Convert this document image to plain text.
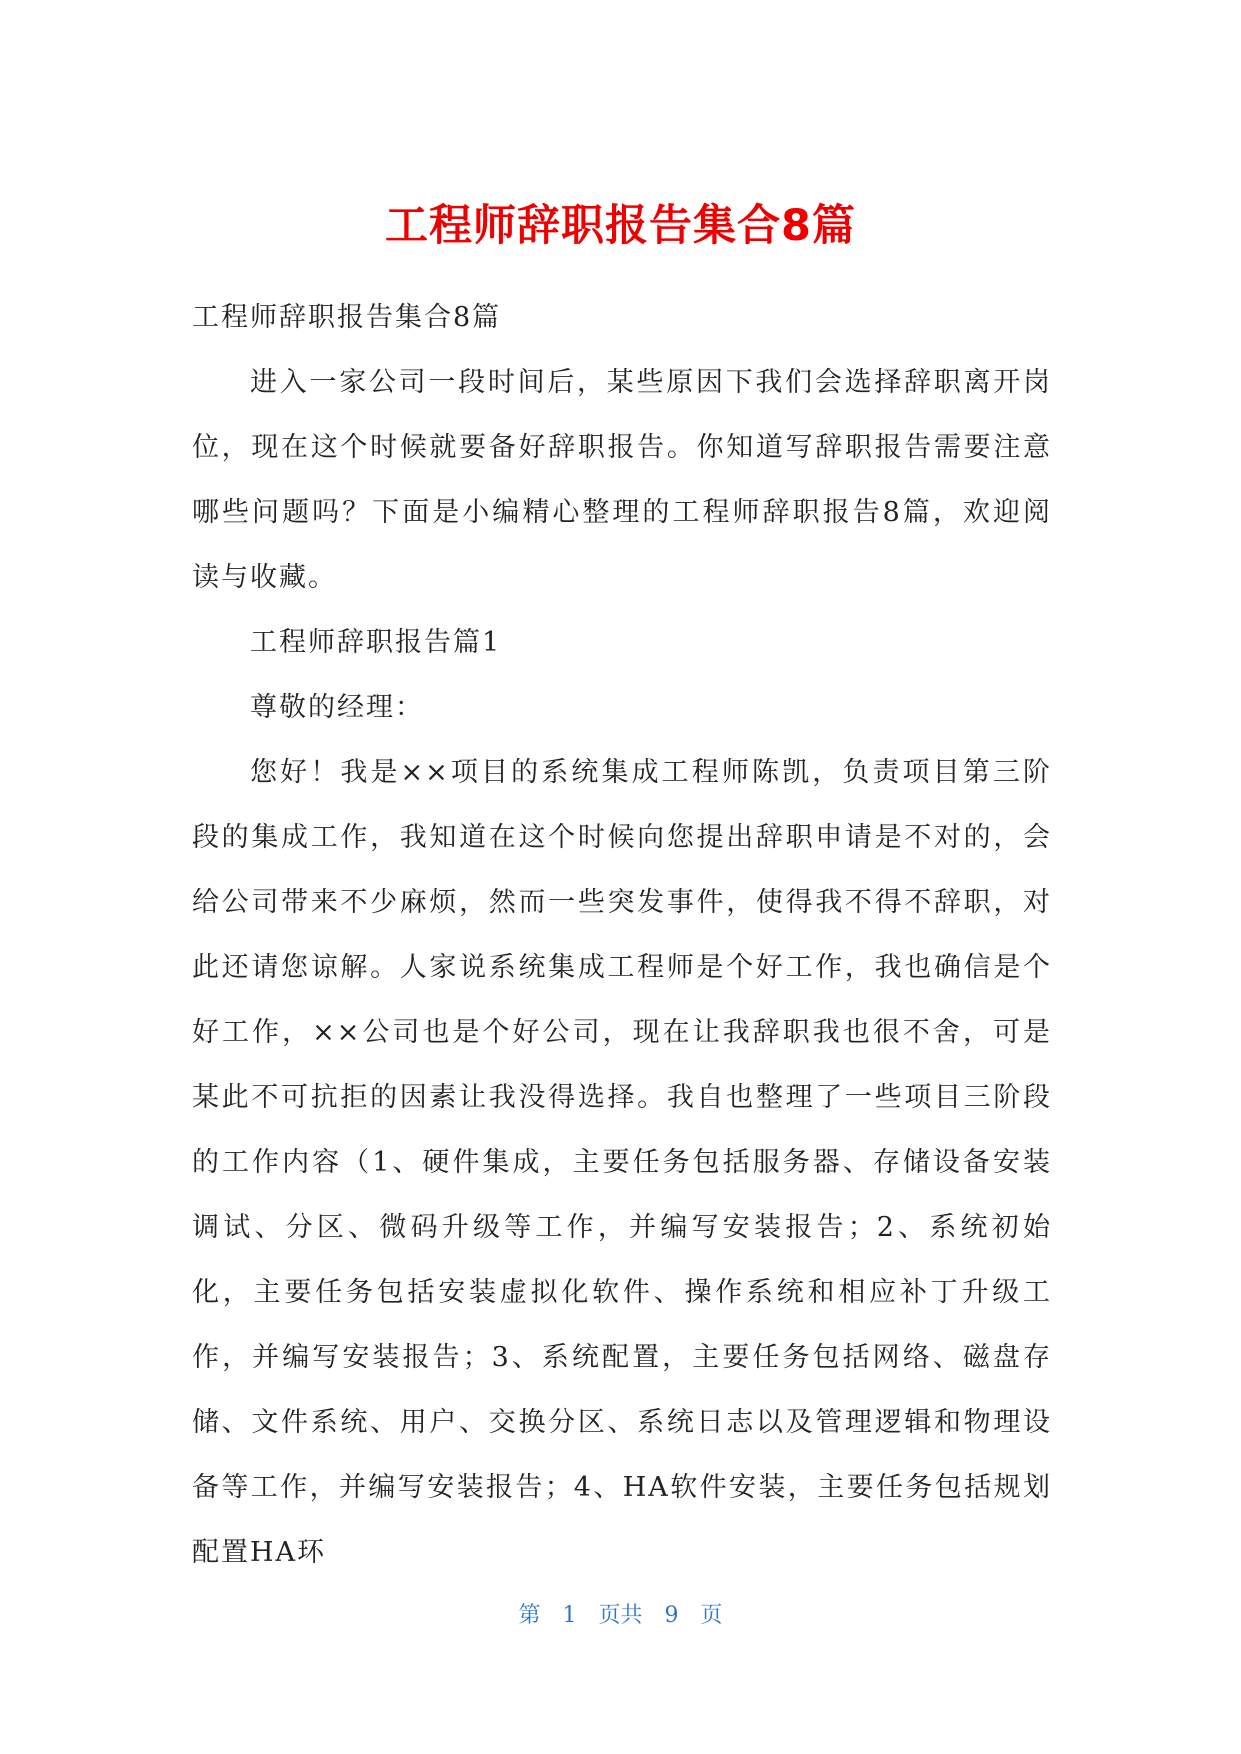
工程师辞职报告集合8篇

工程师辞职报告集合8篇

进入一家公司一段时间后，某些原因下我们会选择辞职离开岗位，现在这个时候就要备好辞职报告。你知道写辞职报告需要注意哪些问题吗？下面是小编精心整理的工程师辞职报告8篇，欢迎阅读与收藏。

工程师辞职报告篇1

尊敬的经理：

您好！我是××项目的系统集成工程师陈凯，负责项目第三阶段的集成工作，我知道在这个时候向您提出辞职申请是不对的，会给公司带来不少麻烦，然而一些突发事件，使得我不得不辞职，对此还请您谅解。人家说系统集成工程师是个好工作，我也确信是个好工作，××公司也是个好公司，现在让我辞职我也很不舍，可是某此不可抗拒的因素让我没得选择。我自也整理了一些项目三阶段的工作内容（1、硬件集成，主要任务包括服务器、存储设备安装调试、分区、微码升级等工作，并编写安装报告；2、系统初始化，主要任务包括安装虚拟化软件、操作系统和相应补丁升级工作，并编写安装报告；3、系统配置，主要任务包括网络、磁盘存储、文件系统、用户、交换分区、系统日志以及管理逻辑和物理设备等工作，并编写安装报告；4、HA软件安装，主要任务包括规划配置HA环

第 1 页共 9 页
